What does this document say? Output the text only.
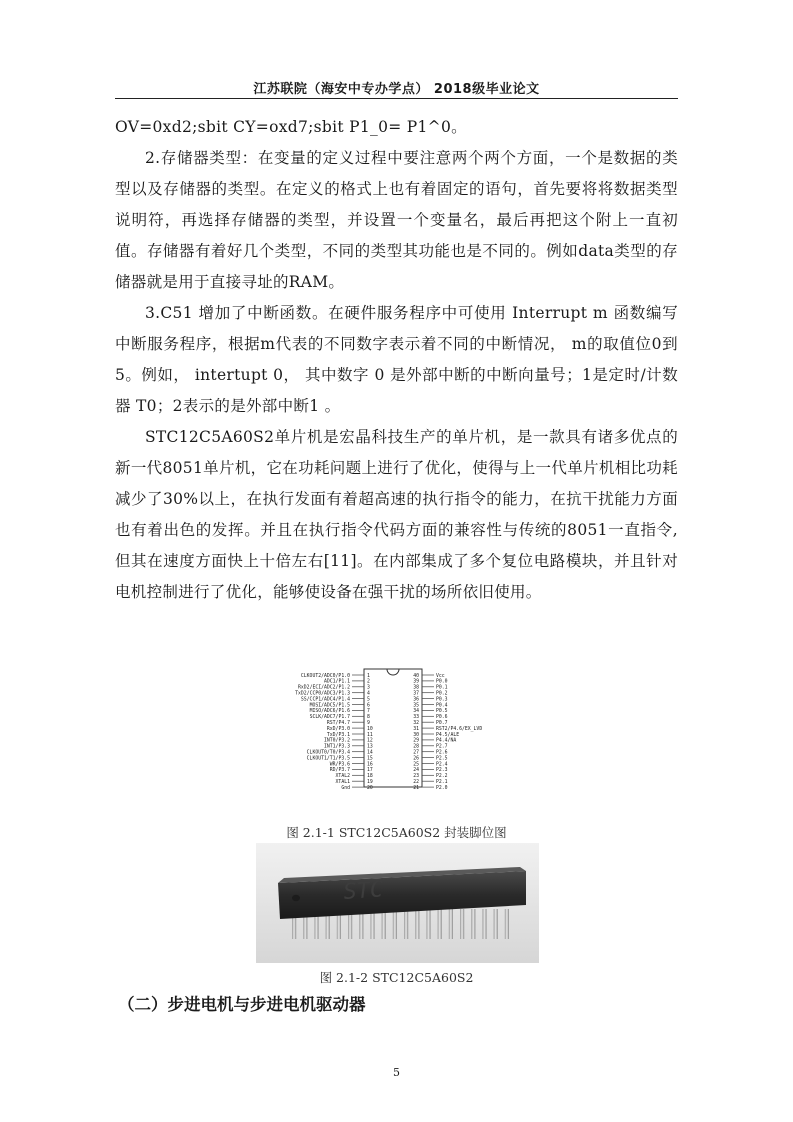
江苏联院（海安中专办学点） 2018级毕业论文

OV=0xd2;sbit CY=oxd7;sbit P1_0= P1^0。

2.存储器类型：在变量的定义过程中要注意两个两个方面，一个是数据的类型以及存储器的类型。在定义的格式上也有着固定的语句，首先要将将数据类型说明符，再选择存储器的类型，并设置一个变量名，最后再把这个附上一直初值。存储器有着好几个类型，不同的类型其功能也是不同的。例如data类型的存储器就是用于直接寻址的RAM。

3.C51 增加了中断函数。在硬件服务程序中可使用 Interrupt m 函数编写中断服务程序，根据m代表的不同数字表示着不同的中断情况， m的取值位0到5。例如， intertupt 0， 其中数字 0 是外部中断的中断向量号；1是定时/计数器 T0；2表示的是外部中断1 。

STC12C5A60S2单片机是宏晶科技生产的单片机，是一款具有诸多优点的新一代8051单片机，它在功耗问题上进行了优化，使得与上一代单片机相比功耗减少了30%以上，在执行发面有着超高速的执行指令的能力，在抗干扰能力方面也有着出色的发挥。并且在执行指令代码方面的兼容性与传统的8051一直指令,但其在速度方面快上十倍左右[11]。在内部集成了多个复位电路模块，并且针对电机控制进行了优化，能够使设备在强干扰的场所依旧使用。

CLKOUT2/ADC0/P1.0	1
ADC1/P1.1	2
RxD2/ECI/ADC2/P1.2	3
TxD2/CCP0/ADC3/P1.3	4
SS/CCP1/ADC4/P1.4	5
MOSI/ADC5/P1.5	6
MISO/ADC6/P1.6	7
SCLK/ADC7/P1.7	8
RST/P4.7	9
RxD/P3.0	10
TxD/P3.1	11
INT0/P3.2	12
INT1/P3.3	13
CLKOUT0/T0/P3.4	14
CLKOUT1/T1/P3.5	15
WR/P3.6	16
RD/P3.7	17
XTAL2	18
XTAL1	19
Gnd	20
Vcc
40
P0.0
39
P0.1
38
P0.2
37
P0.3
36
P0.4
35
P0.5
34
P0.6
33
P0.7
32
RST2/P4.6/EX_LVD
31
P4.5/ALE
30
P4.4/NA
29
P2.7
28
P2.6
27
P2.5
26
P2.4
25
P2.3
24
P2.2
23
P2.1
22
P2.0
21
图 2.1-1 STC12C5A60S2 封装脚位图
STC
图 2.1-2 STC12C5A60S2
（二）步进电机与步进电机驱动器
5
